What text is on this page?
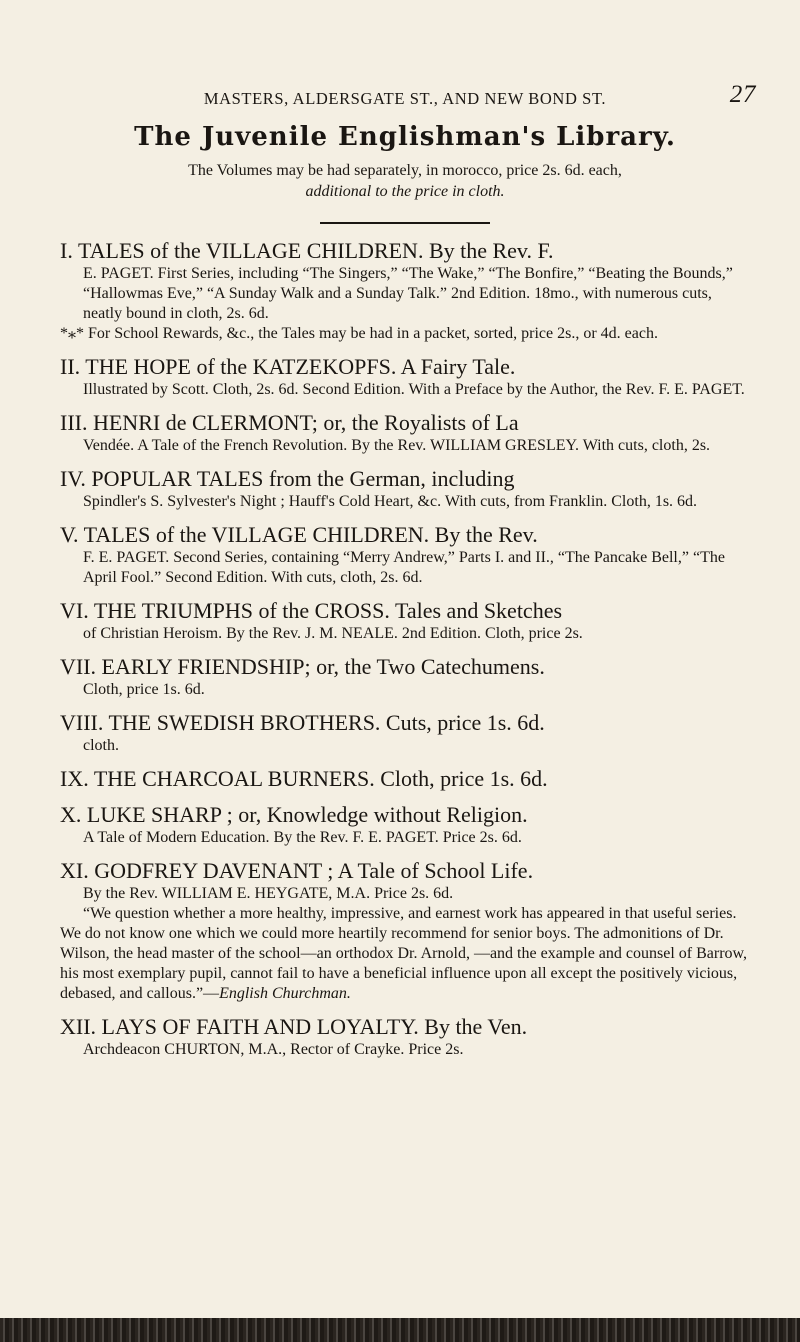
MASTERS, ALDERSGATE ST., AND NEW BOND ST.	27
The Juvenile Englishman's Library.
The Volumes may be had separately, in morocco, price 2s. 6d. each,
additional to the price in cloth.
I. TALES of the VILLAGE CHILDREN. By the Rev. F.
E. PAGET. First Series, including “The Singers,” “The Wake,” “The Bonfire,” “Beating the Bounds,” “Hallowmas Eve,” “A Sunday Walk and a Sunday Talk.” 2nd Edition. 18mo., with numerous cuts, neatly bound in cloth, 2s. 6d.
*⁎* For School Rewards, &c., the Tales may be had in a packet, sorted, price 2s., or 4d. each.
II. THE HOPE of the KATZEKOPFS. A Fairy Tale.
Illustrated by Scott. Cloth, 2s. 6d. Second Edition. With a Preface by the Author, the Rev. F. E. PAGET.
III. HENRI de CLERMONT; or, the Royalists of La
Vendée. A Tale of the French Revolution. By the Rev. WILLIAM GRESLEY. With cuts, cloth, 2s.
IV. POPULAR TALES from the German, including
Spindler's S. Sylvester's Night ; Hauff's Cold Heart, &c. With cuts, from Franklin. Cloth, 1s. 6d.
V. TALES of the VILLAGE CHILDREN. By the Rev.
F. E. PAGET. Second Series, containing “Merry Andrew,” Parts I. and II., “The Pancake Bell,” “The April Fool.” Second Edition. With cuts, cloth, 2s. 6d.
VI. THE TRIUMPHS of the CROSS. Tales and Sketches
of Christian Heroism. By the Rev. J. M. NEALE. 2nd Edition. Cloth, price 2s.
VII. EARLY FRIENDSHIP; or, the Two Catechumens.
Cloth, price 1s. 6d.
VIII. THE SWEDISH BROTHERS. Cuts, price 1s. 6d.
cloth.
IX. THE CHARCOAL BURNERS. Cloth, price 1s. 6d.
X. LUKE SHARP ; or, Knowledge without Religion.
A Tale of Modern Education. By the Rev. F. E. PAGET. Price 2s. 6d.
XI. GODFREY DAVENANT ; A Tale of School Life.
By the Rev. WILLIAM E. HEYGATE, M.A. Price 2s. 6d.
“We question whether a more healthy, impressive, and earnest work has appeared in that useful series. We do not know one which we could more heartily recommend for senior boys. The admonitions of Dr. Wilson, the head master of the school—an orthodox Dr. Arnold, —and the example and counsel of Barrow, his most exemplary pupil, cannot fail to have a beneficial influence upon all except the positively vicious, debased, and callous.”—English Churchman.
XII. LAYS OF FAITH AND LOYALTY. By the Ven.
Archdeacon CHURTON, M.A., Rector of Crayke. Price 2s.
